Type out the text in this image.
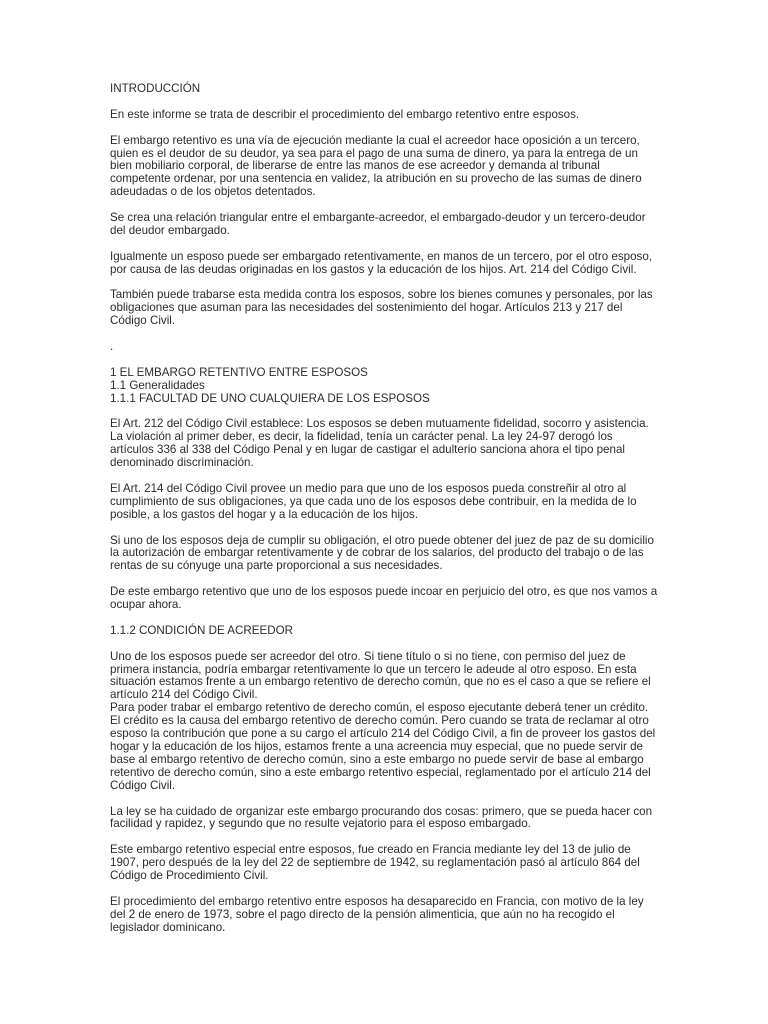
INTRODUCCIÓN

En este informe se trata de describir el procedimiento del embargo retentivo entre esposos.

El embargo retentivo es una vía de ejecución mediante la cual el acreedor hace oposición a un tercero,
quien es el deudor de su deudor, ya sea para el pago de una suma de dinero, ya para la entrega de un
bien mobiliario corporal, de liberarse de entre las manos de ese acreedor y demanda al tribunal
competente ordenar, por una sentencia en validez, la atribución en su provecho de las sumas de dinero
adeudadas o de los objetos detentados.

Se crea una relación triangular entre el embargante-acreedor, el embargado-deudor y un tercero-deudor
del deudor embargado.

Igualmente un esposo puede ser embargado retentivamente, en manos de un tercero, por el otro esposo,
por causa de las deudas originadas en los gastos y la educación de los hijos. Art. 214 del Código Civil.

También puede trabarse esta medida contra los esposos, sobre los bienes comunes y personales, por las
obligaciones que asuman para las necesidades del sostenimiento del hogar. Artículos 213 y 217 del
Código Civil.

.

1 EL EMBARGO RETENTIVO ENTRE ESPOSOS

1.1 Generalidades

1.1.1 FACULTAD DE UNO CUALQUIERA DE LOS ESPOSOS

El Art. 212 del Código Civil establece: Los esposos se deben mutuamente fidelidad, socorro y asistencia.
La violación al primer deber, es decir, la fidelidad, tenía un carácter penal. La ley 24-97 derogó los
artículos 336 al 338 del Código Penal y en lugar de castigar el adulterio sanciona ahora el tipo penal
denominado discriminación.

El Art. 214 del Código Civil provee un medio para que uno de los esposos pueda constreñir al otro al
cumplimiento de sus obligaciones, ya que cada uno de los esposos debe contribuir, en la medida de lo
posible, a los gastos del hogar y a la educación de los hijos.

Si uno de los esposos deja de cumplir su obligación, el otro puede obtener del juez de paz de su domicilio
la autorización de embargar retentivamente y de cobrar de los salarios, del producto del trabajo o de las
rentas de su cónyuge una parte proporcional a sus necesidades.

De este embargo retentivo que uno de los esposos puede incoar en perjuicio del otro, es que nos vamos a
ocupar ahora.

1.1.2 CONDICIÓN DE ACREEDOR

Uno de los esposos puede ser acreedor del otro. Si tiene título o si no tiene, con permiso del juez de
primera instancia, podría embargar retentivamente lo que un tercero le adeude al otro esposo. En esta
situación estamos frente a un embargo retentivo de derecho común, que no es el caso a que se refiere el
artículo 214 del Código Civil.

Para poder trabar el embargo retentivo de derecho común, el esposo ejecutante deberá tener un crédito.
El crédito es la causa del embargo retentivo de derecho común. Pero cuando se trata de reclamar al otro
esposo la contribución que pone a su cargo el artículo 214 del Código Civil, a fin de proveer los gastos del
hogar y la educación de los hijos, estamos frente a una acreencia muy especial, que no puede servir de
base al embargo retentivo de derecho común, sino a este embargo no puede servir de base al embargo
retentivo de derecho común, sino a este embargo retentivo especial, reglamentado por el artículo 214 del
Código Civil.

La ley se ha cuidado de organizar este embargo procurando dos cosas: primero, que se pueda hacer con
facilidad y rapidez, y segundo que no resulte vejatorio para el esposo embargado.

Este embargo retentivo especial entre esposos, fue creado en Francia mediante ley del 13 de julio de
1907, pero después de la ley del 22 de septiembre de 1942, su reglamentación pasó al artículo 864 del
Código de Procedimiento Civil.

El procedimiento del embargo retentivo entre esposos ha desaparecido en Francia, con motivo de la ley
del 2 de enero de 1973, sobre el pago directo de la pensión alimenticia, que aún no ha recogido el
legislador dominicano.
